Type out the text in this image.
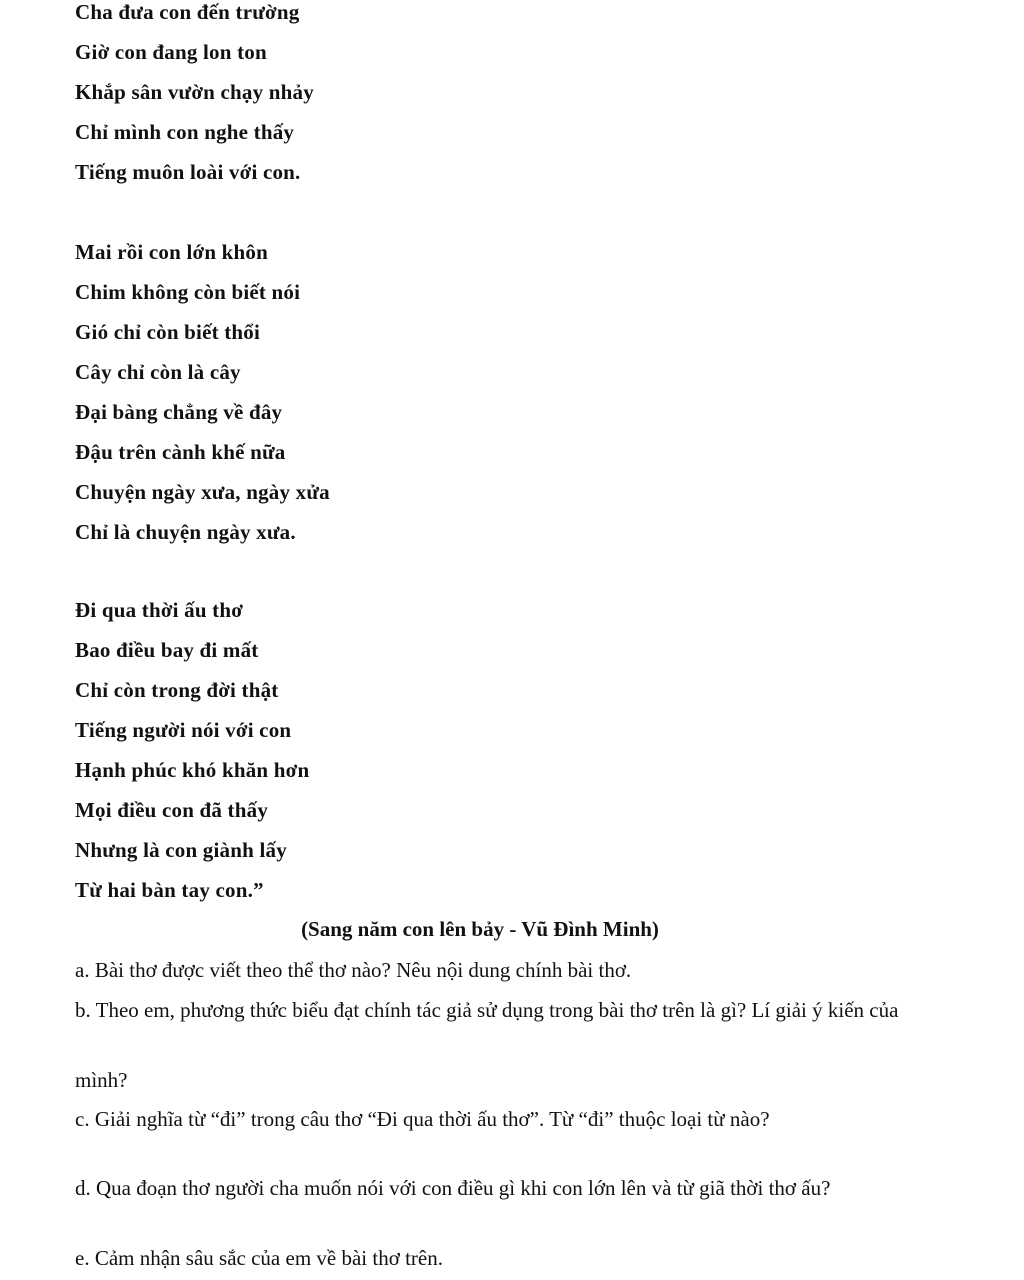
Cha đưa con đến trường
Giờ con đang lon ton
Khắp sân vườn chạy nhảy
Chỉ mình con nghe thấy
Tiếng muôn loài với con.
Mai rồi con lớn khôn
Chim không còn biết nói
Gió chỉ còn biết thổi
Cây chỉ còn là cây
Đại bàng chẳng về đây
Đậu trên cành khế nữa
Chuyện ngày xưa, ngày xửa
Chỉ là chuyện ngày xưa.
Đi qua thời ấu thơ
Bao điều bay đi mất
Chỉ còn trong đời thật
Tiếng người nói với con
Hạnh phúc khó khăn hơn
Mọi điều con đã thấy
Nhưng là con giành lấy
Từ hai bàn tay con.”
(Sang năm con lên bảy - Vũ Đình Minh)
a. Bài thơ được viết theo thể thơ nào? Nêu nội dung chính bài thơ.
b. Theo em, phương thức biểu đạt chính tác giả sử dụng trong bài thơ trên là gì? Lí giải ý kiến của
mình?
c. Giải nghĩa từ “đi” trong câu thơ “Đi qua thời ấu thơ”. Từ “đi” thuộc loại từ nào?
d. Qua đoạn thơ người cha muốn nói với con điều gì khi con lớn lên và từ giã thời thơ ấu?
e. Cảm nhận sâu sắc của em về bài thơ trên.
